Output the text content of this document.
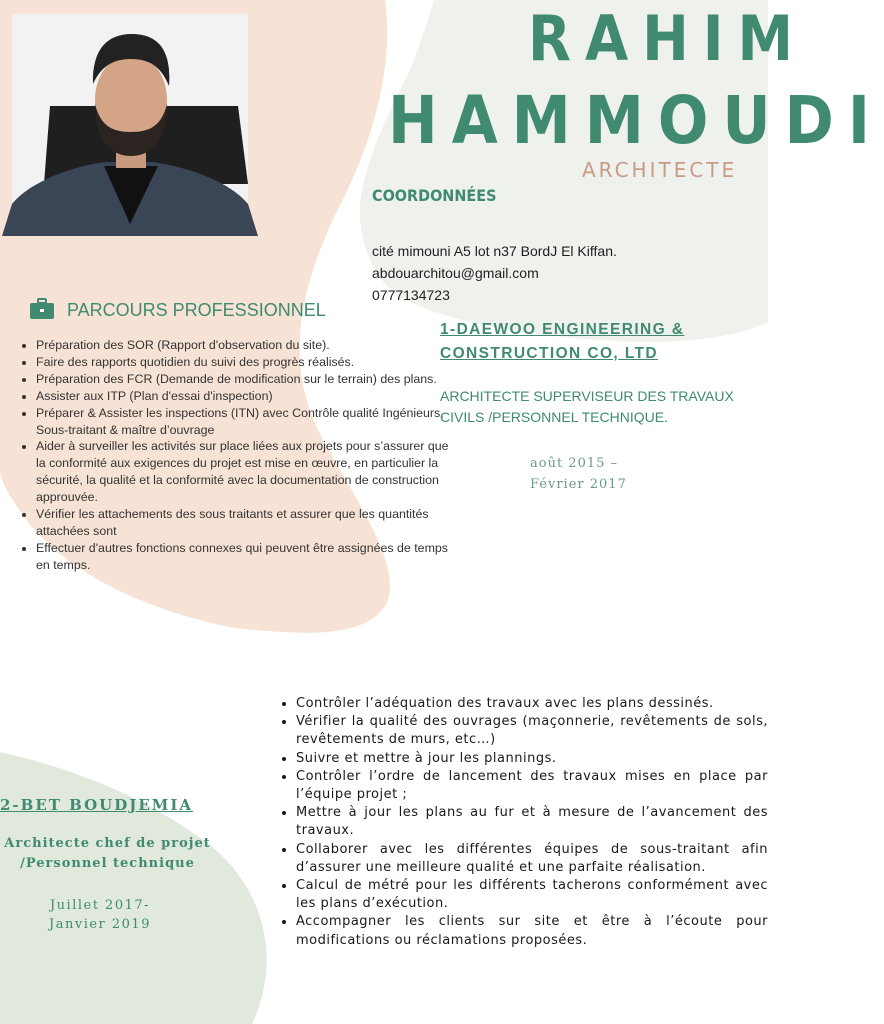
RAHIM
HAMMOUDI
ARCHITECTE
COORDONNÉES
cité mimouni A5 lot n37 BordJ El Kiffan.
abdouarchitou@gmail.com
0777134723
PARCOURS PROFESSIONNEL
• Préparation des SOR (Rapport d'observation du site).
• Faire des rapports quotidien du suivi des progrès réalisés.
• Préparation des FCR (Demande de modification sur le terrain) des plans.
• Assister aux ITP (Plan d'essai d'inspection)
• Préparer & Assister les inspections (ITN) avec Contrôle qualité Ingénieurs, Sous-traitant & maître d’ouvrage
• Aider à surveiller les activités sur place liées aux projets pour s’assurer que la conformité aux exigences du projet est mise en œuvre, en particulier la sécurité, la qualité et la conformité avec la documentation de construction approuvée.
• Vérifier les attachements des sous traitants et assurer que les quantités attachées sont
• Effectuer d'autres fonctions connexes qui peuvent être assignées de temps en temps.
1-DAEWOO ENGINEERING & CONSTRUCTION CO, LTD
ARCHITECTE SUPERVISEUR DES TRAVAUX CIVILS /PERSONNEL TECHNIQUE.
août 2015 –
Février 2017
• Contrôler l’adéquation des travaux avec les plans dessinés.
• Vérifier la qualité des ouvrages (maçonnerie, revêtements de sols, revêtements de murs, etc…)
• Suivre et mettre à jour les plannings.
• Contrôler l’ordre de lancement des travaux mises en place par l’équipe projet ;
• Mettre à jour les plans au fur et à mesure de l’avancement des travaux.
• Collaborer avec les différentes équipes de sous-traitant afin d’assurer une meilleure qualité et une parfaite réalisation.
• Calcul de métré pour les différents tacherons conformément avec les plans d’exécution.
• Accompagner les clients sur site et être à l’écoute pour modifications ou réclamations proposées.
2-BET BOUDJEMIA
Architecte chef de projet /Personnel technique
Juillet 2017-
Janvier 2019
